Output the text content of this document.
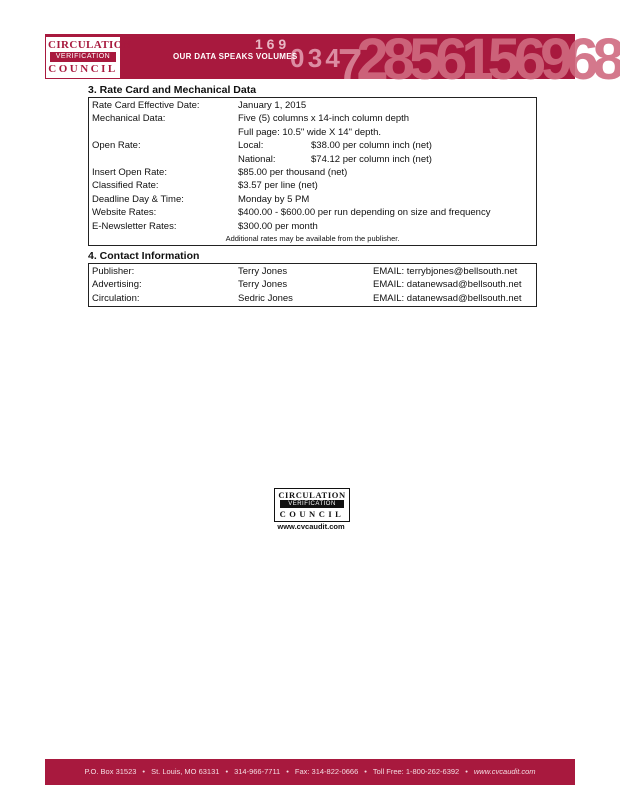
$^{1 6 9}$ $^{0 3 4}$72856156968
OUR DATA SPEAKS VOLUMES
CIRCULATION
VERIFICATION
COUNCIL
3. Rate Card and Mechanical Data
Rate Card Effective Date:	January 1, 2015
Mechanical Data:	Five (5) columns x 14-inch column depth
Full page: 10.5" wide X 14" depth.
Open Rate:	Local:	$38.00 per column inch (net)
National:	$74.12 per column inch (net)
Insert Open Rate:	$85.00 per thousand (net)
Classified Rate:	$3.57 per line (net)
Deadline Day & Time:	Monday by 5 PM
Website Rates:	$400.00 - $600.00 per run depending on size and frequency
E-Newsletter Rates:	$300.00 per month
Additional rates may be available from the publisher.
4. Contact Information
Publisher:	Terry Jones	EMAIL: terrybjones@bellsouth.net
Advertising:	Terry Jones	EMAIL: datanewsad@bellsouth.net
Circulation:	Sedric Jones	EMAIL: datanewsad@bellsouth.net
CIRCULATION
VERIFICATION
COUNCIL
www.cvcaudit.com
P.O. Box 31523 • St. Louis, MO 63131 • 314-966-7711 • Fax: 314-822-0666 • Toll Free: 1-800-262-6392 • www.cvcaudit.com
